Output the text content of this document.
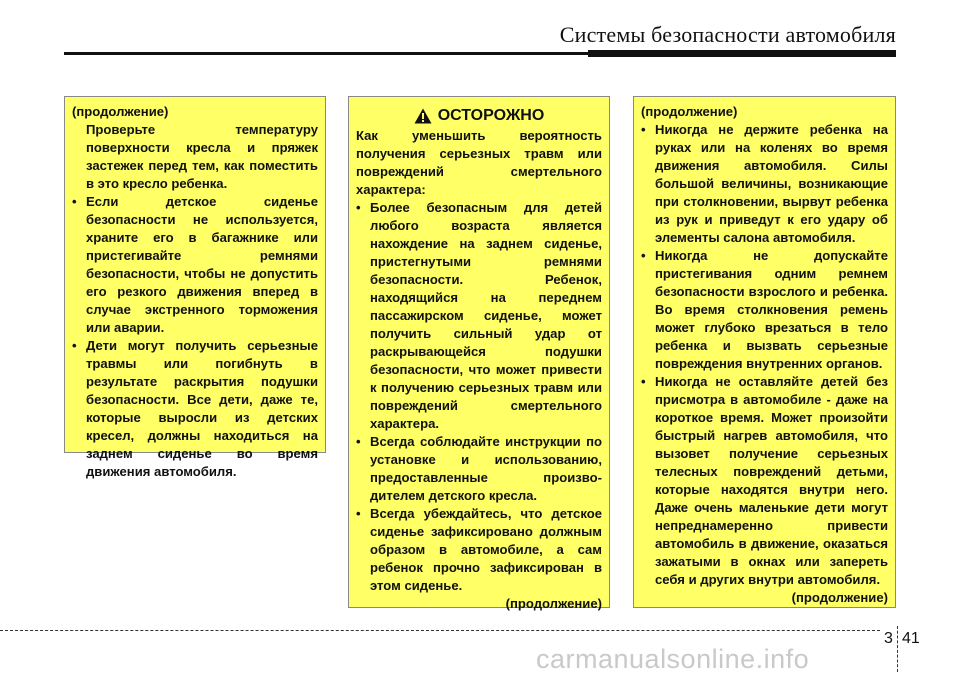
Системы безопасности автомобиля
(продолжение)
Проверьте температуру поверхности кресла и пряжек застежек перед тем, как поместить в это кресло ребенка.
• Если детское сиденье безопасности не используется, храните его в багажнике или пристегивайте ремнями безопасности, чтобы не допустить его резкого движения вперед в случае экстренного торможения или аварии.
• Дети могут получить серьезные травмы или погибнуть в результате раскрытия подушки безопасности. Все дети, даже те, которые выросли из детских кресел, должны находиться на заднем сиденье во время движения автомобиля.
ОСТОРОЖНО
Как уменьшить вероятность получения серьезных травм или повреждений смертельного характера:
• Более безопасным для детей любого возраста является нахождение на заднем сиденье, пристегнутыми ремнями безопасности. Ребенок, находящийся на переднем пассажирском сиденье, может получить сильный удар от раскрывающейся подушки безопасности, что может привести к получению серьезных травм или повреждений смертельного характера.
• Всегда соблюдайте инструкции по установке и использованию, предоставленные произво-дителем детского кресла.
• Всегда убеждайтесь, что детское сиденье зафиксировано должным образом в автомобиле, а сам ребенок прочно зафиксирован в этом сиденье.
(продолжение)
(продолжение)
• Никогда не держите ребенка на руках или на коленях во время движения автомобиля. Силы большой величины, возникающие при столкновении, вырвут ребенка из рук и приведут к его удару об элементы салона автомобиля.
• Никогда не допускайте пристегивания одним ремнем безопасности взрослого и ребенка. Во время столкновения ремень может глубоко врезаться в тело ребенка и вызвать серьезные повреждения внутренних органов.
• Никогда не оставляйте детей без присмотра в автомобиле - даже на короткое время. Может произойти быстрый нагрев автомобиля, что вызовет получение серьезных телесных повреждений детьми, которые находятся внутри него. Даже очень маленькие дети могут непреднамеренно привести автомобиль в движение, оказаться зажатыми в окнах или запереть себя и других внутри автомобиля.
(продолжение)
3 41
carmanualsonline.info
